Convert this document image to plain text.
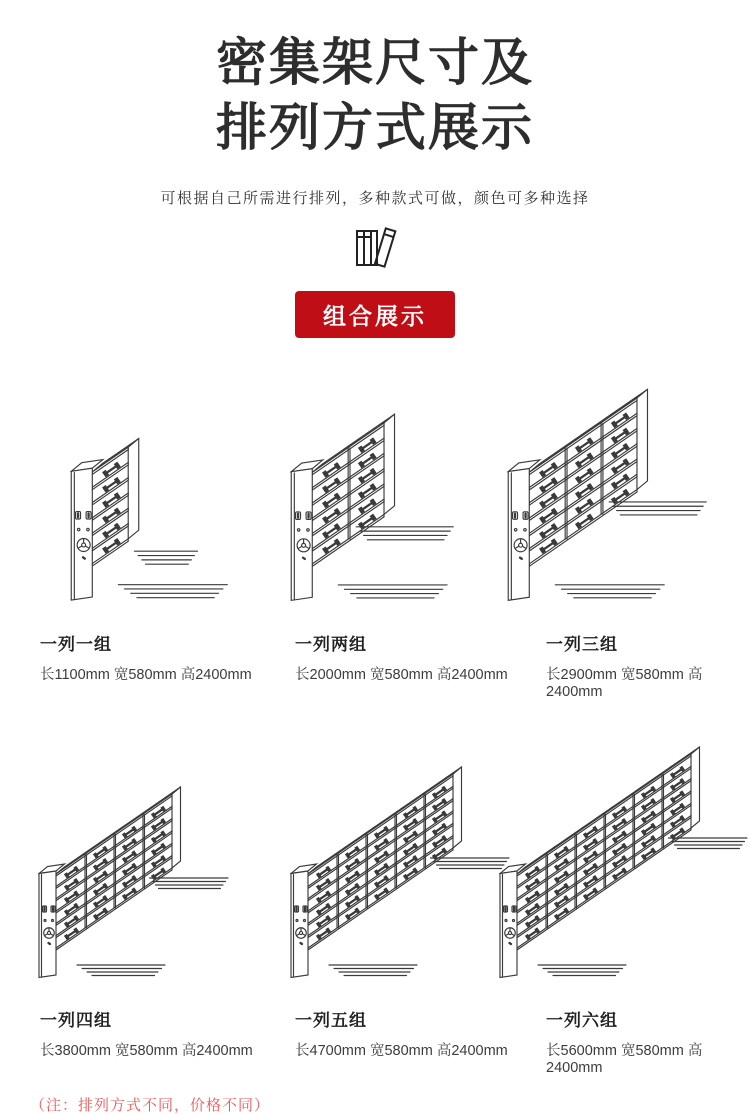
密集架尺寸及
排列方式展示
可根据自己所需进行排列，多种款式可做，颜色可多种选择
组合展示
一列一组
长1100mm 宽580mm 高2400mm
一列两组
长2000mm 宽580mm 高2400mm
一列三组
长2900mm 宽580mm 高2400mm
一列四组
长3800mm 宽580mm 高2400mm
一列五组
长4700mm 宽580mm 高2400mm
一列六组
长5600mm 宽580mm 高2400mm
（注：排列方式不同，价格不同）
